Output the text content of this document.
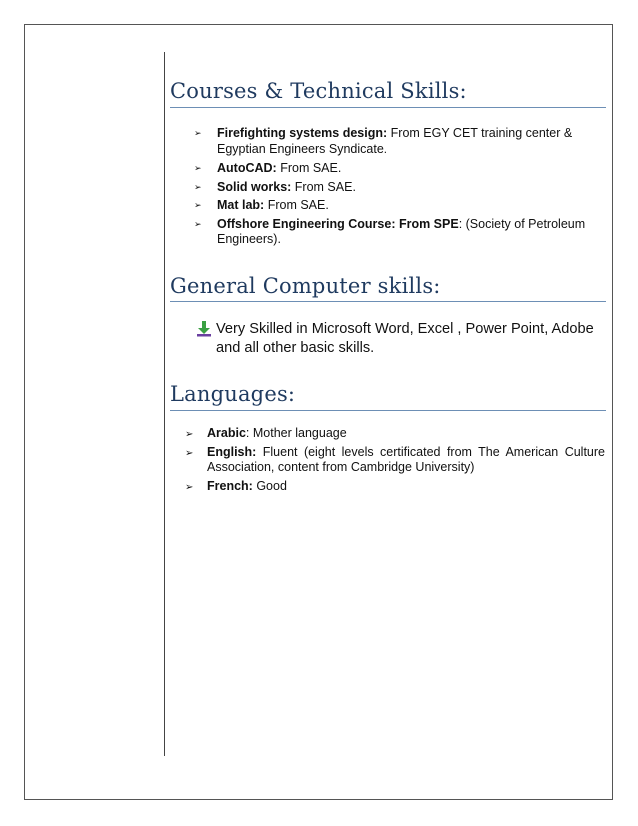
Courses & Technical Skills:
➢ Firefighting systems design: From EGY CET training center & Egyptian Engineers Syndicate.
➢ AutoCAD: From SAE.
➢ Solid works: From SAE.
➢ Mat lab: From SAE.
➢ Offshore Engineering Course: From SPE: (Society of Petroleum Engineers).
General Computer skills:
Very Skilled in Microsoft Word, Excel , Power Point, Adobe and all other basic skills.
Languages:
➢ Arabic: Mother language
➢ English: Fluent (eight levels certificated from The American Culture Association, content from Cambridge University)
➢ French: Good
